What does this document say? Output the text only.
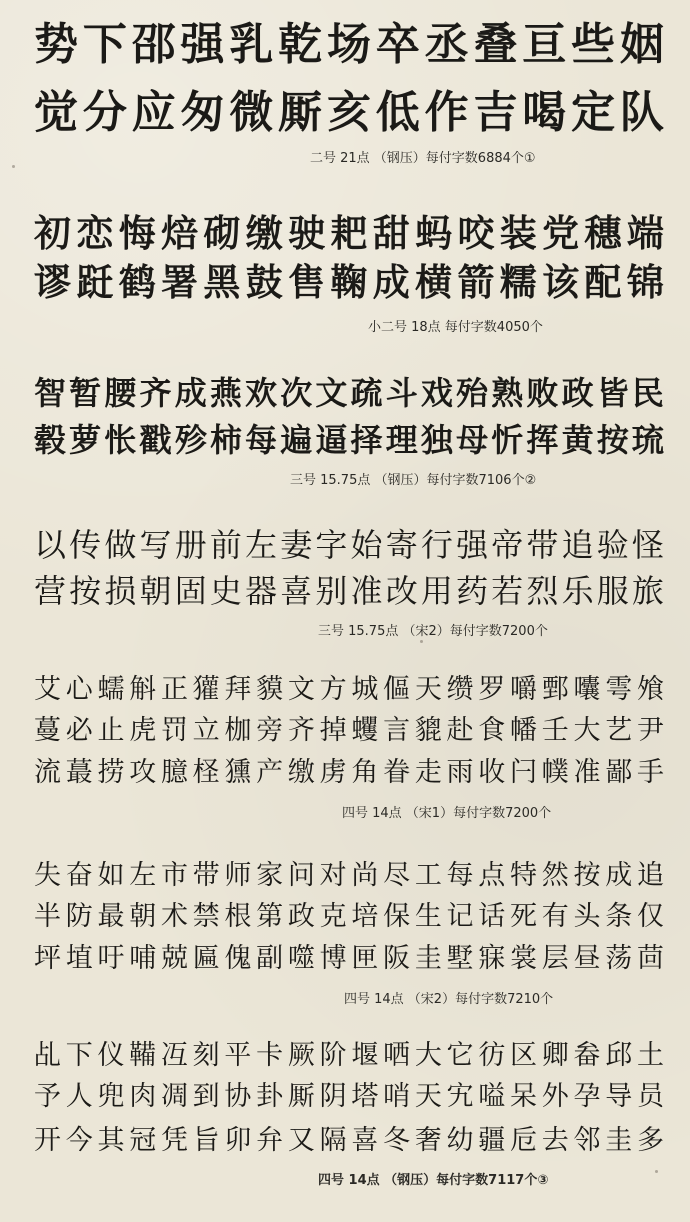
势 下 邵 强 乳 乾 场 卒 丞 叠 亘 些 姻
觉 分 应 匆 微 厮 亥 低 作 吉 喝 定 队
二号 21点 （钢压）每付字数6884个①
初 恋 悔 焙 砌 缴 驶 耙 甜 蚂 咬 装 党 穗 端
谬 跹 鹤 署 黑 鼓 售 鞠 成 横 箭 糯 该 配 锦
小二号 18点 每付字数4050个
智 暂 腰 齐 成 燕 欢 次 文 疏 斗 戏 殆 熟 败 政 皆 民
毂 萝 怅 戳 殄 柿 每 遍 逼 择 理 独 母 忻 挥 黄 按 琉
三号 15.75点 （钢压）每付字数7106个②
以 传 做 写 册 前 左 妻 字 始 寄 行 强 帝 带 追 验 怪
营 按 损 朝 固 史 器 喜 别 准 改 用 药 若 烈 乐 服 旅
三号 15.75点 （宋2）每付字数7200个
艾 心 蠕 斛 正 獾 拜 貘 文 方 城 傴 天 缵 罗 嚼 鄄 囔 雩 飧
蔓 必 止 虎 罚 立 枷 旁 齐 掉 蠼 言 貔 赴 食 幡 壬 大 艺 尹
流 蕞 捞 攻 臆 柽 獯 产 缴 虏 角 眷 走 雨 收 闩 幞 准 鄙 手
四号 14点 （宋1）每付字数7200个
失 奋 如 左 市 带 师 家 问 对 尚 尽 工 每 点 特 然 按 成 追
半 防 最 朝 术 禁 根 第 政 克 培 保 生 记 话 死 有 头 条 仅
坪 埴 吁 哺 兢 匾 傀 副 噬 博 匣 阪 圭 墅 寐 裳 层 昼 荡 茴
四号 14点 （宋2）每付字数7210个
乩 下 仪 鞴 冱 刻 平 卡 厥 阶 堰 哂 大 它 彷 区 卿 畚 邱 土
予 人 兜 肉 凋 到 协 卦 厮 阴 塔 哨 天 宄 嗌 呆 外 孕 导 员
开 今 其 冠 凭 旨 卯 弁 又 隔 喜 冬 奢 幼 疆 卮 去 邻 圭 多
四号 14点 （钢压）每付字数7117个③
